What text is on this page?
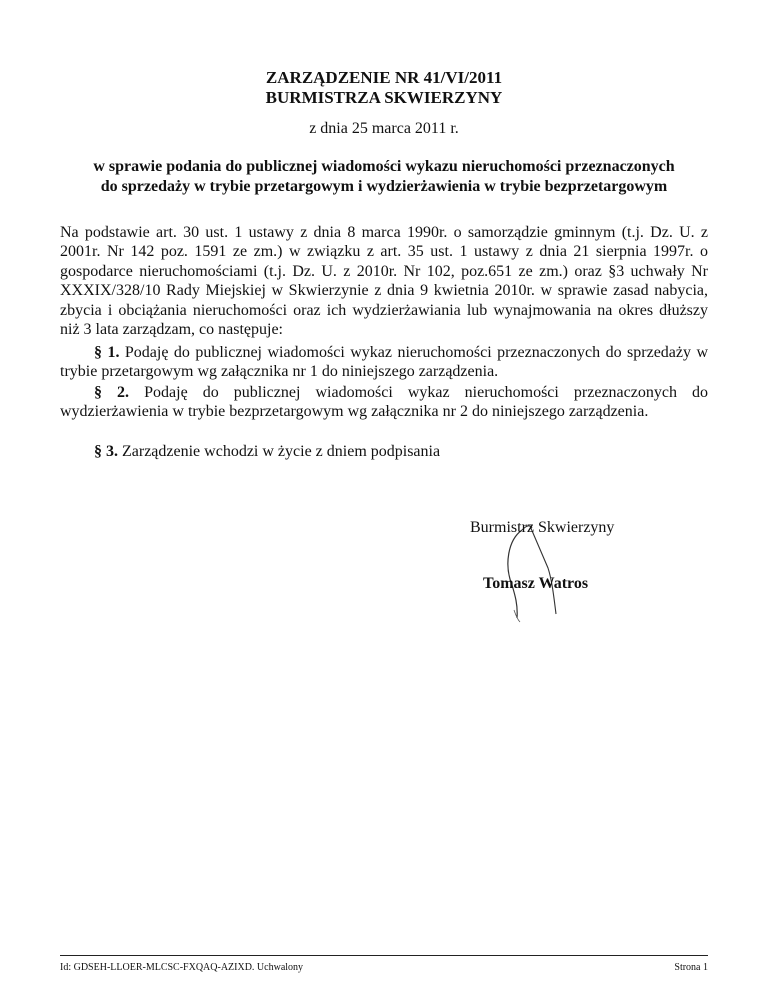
ZARZĄDZENIE NR 41/VI/2011
BURMISTRZA SKWIERZYNY
z dnia 25 marca 2011 r.
w sprawie podania do publicznej wiadomości wykazu nieruchomości przeznaczonych
do sprzedaży w trybie przetargowym i wydzierżawienia w trybie bezprzetargowym
Na podstawie art. 30 ust. 1 ustawy z dnia 8 marca 1990r. o samorządzie gminnym (t.j. Dz. U. z 2001r. Nr 142 poz. 1591 ze zm.) w związku z art. 35 ust. 1 ustawy z dnia 21 sierpnia 1997r. o gospodarce nieruchomościami (t.j. Dz. U. z 2010r. Nr 102, poz.651 ze zm.) oraz §3 uchwały Nr XXXIX/328/10 Rady Miejskiej w Skwierzynie z dnia 9 kwietnia 2010r. w sprawie zasad nabycia, zbycia i obciążania nieruchomości oraz ich wydzierżawiania lub wynajmowania na okres dłuższy niż 3 lata zarządzam, co następuje:
§ 1. Podaję do publicznej wiadomości wykaz nieruchomości przeznaczonych do sprzedaży w trybie przetargowym wg załącznika nr 1 do niniejszego zarządzenia.
§ 2. Podaję do publicznej wiadomości wykaz nieruchomości przeznaczonych do wydzierżawienia w trybie bezprzetargowym wg załącznika nr 2 do niniejszego zarządzenia.
§ 3. Zarządzenie wchodzi w życie z dniem podpisania
Burmistrz Skwierzyny
Tomasz Watros
Id: GDSEH-LLOER-MLCSC-FXQAQ-AZIXD. Uchwalony	Strona 1
